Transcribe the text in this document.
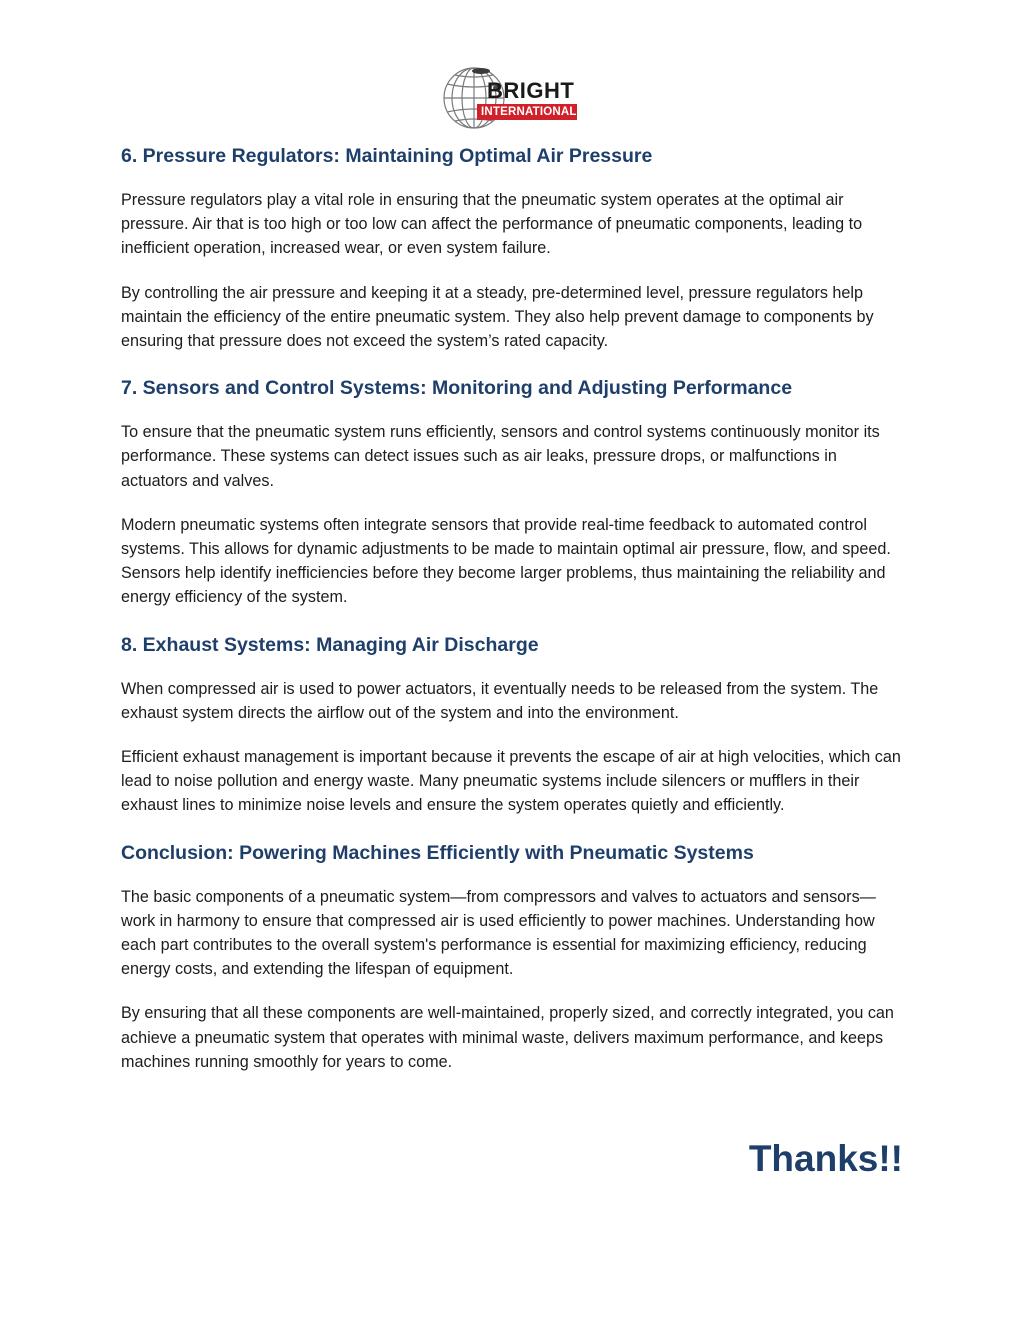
BRIGHT
INTERNATIONAL
6. Pressure Regulators: Maintaining Optimal Air Pressure

Pressure regulators play a vital role in ensuring that the pneumatic system operates at the optimal air pressure. Air that is too high or too low can affect the performance of pneumatic components, leading to inefficient operation, increased wear, or even system failure.

By controlling the air pressure and keeping it at a steady, pre-determined level, pressure regulators help maintain the efficiency of the entire pneumatic system. They also help prevent damage to components by ensuring that pressure does not exceed the system’s rated capacity.

7. Sensors and Control Systems: Monitoring and Adjusting Performance

To ensure that the pneumatic system runs efficiently, sensors and control systems continuously monitor its performance. These systems can detect issues such as air leaks, pressure drops, or malfunctions in actuators and valves.

Modern pneumatic systems often integrate sensors that provide real-time feedback to automated control systems. This allows for dynamic adjustments to be made to maintain optimal air pressure, flow, and speed. Sensors help identify inefficiencies before they become larger problems, thus maintaining the reliability and energy efficiency of the system.

8. Exhaust Systems: Managing Air Discharge

When compressed air is used to power actuators, it eventually needs to be released from the system. The exhaust system directs the airflow out of the system and into the environment.

Efficient exhaust management is important because it prevents the escape of air at high velocities, which can lead to noise pollution and energy waste. Many pneumatic systems include silencers or mufflers in their exhaust lines to minimize noise levels and ensure the system operates quietly and efficiently.

Conclusion: Powering Machines Efficiently with Pneumatic Systems

The basic components of a pneumatic system—from compressors and valves to actuators and sensors—work in harmony to ensure that compressed air is used efficiently to power machines. Understanding how each part contributes to the overall system's performance is essential for maximizing efficiency, reducing energy costs, and extending the lifespan of equipment.

By ensuring that all these components are well-maintained, properly sized, and correctly integrated, you can achieve a pneumatic system that operates with minimal waste, delivers maximum performance, and keeps machines running smoothly for years to come.

Thanks!!
